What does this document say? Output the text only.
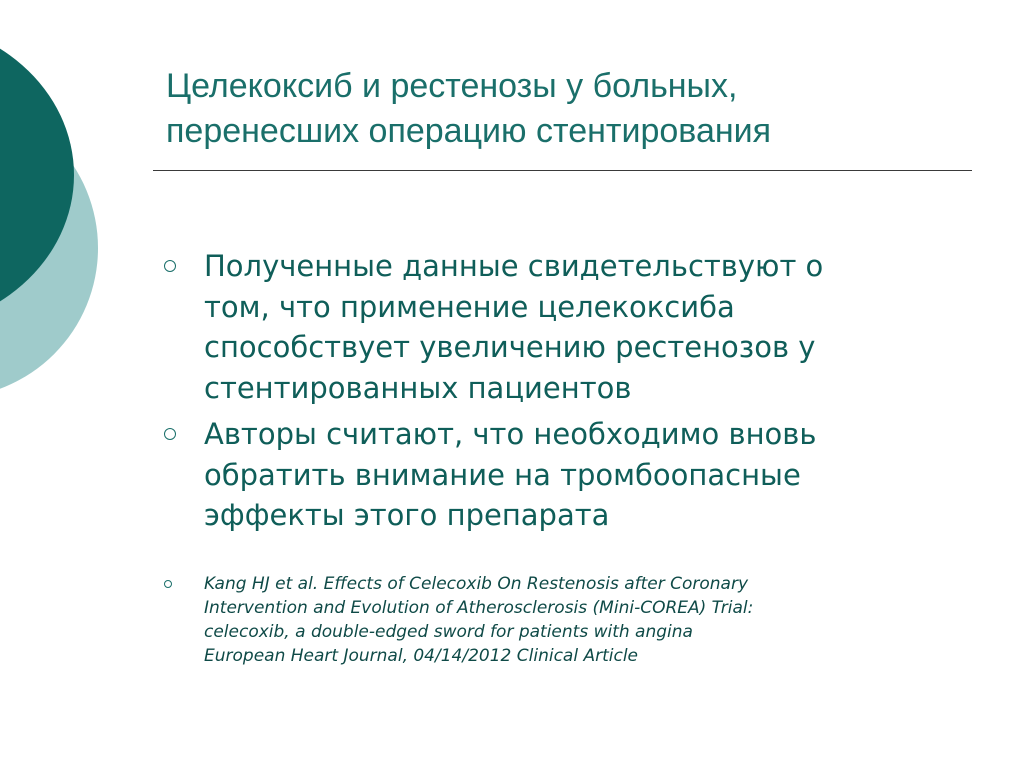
Целекоксиб и рестенозы у больных,
перенесших операцию стентирования
Полученные данные свидетельствуют о
том, что применение целекоксиба
способствует увеличению рестенозов у
стентированных пациентов
Авторы считают, что необходимо вновь
обратить внимание на тромбоопасные
эффекты этого препарата
Kang HJ et al. Effects of Celecoxib On Restenosis after Coronary
Intervention and Evolution of Atherosclerosis (Mini-COREA) Trial:
celecoxib, a double-edged sword for patients with angina
European Heart Journal, 04/14/2012 Clinical Article
